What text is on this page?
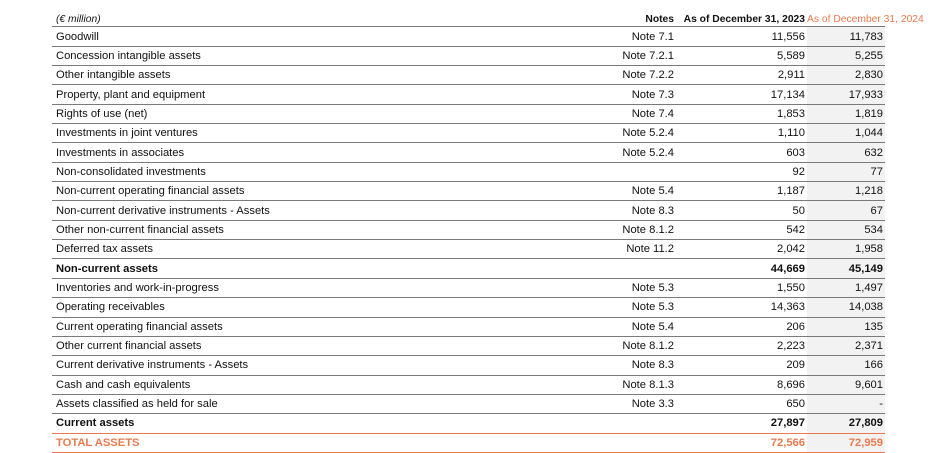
(€ million)	Notes	As of December 31, 2023	As of December 31, 2024
Goodwill	Note 7.1	11,556	11,783
Concession intangible assets	Note 7.2.1	5,589	5,255
Other intangible assets	Note 7.2.2	2,911	2,830
Property, plant and equipment	Note 7.3	17,134	17,933
Rights of use (net)	Note 7.4	1,853	1,819
Investments in joint ventures	Note 5.2.4	1,110	1,044
Investments in associates	Note 5.2.4	603	632
Non-consolidated investments		92	77
Non-current operating financial assets	Note 5.4	1,187	1,218
Non-current derivative instruments - Assets	Note 8.3	50	67
Other non-current financial assets	Note 8.1.2	542	534
Deferred tax assets	Note 11.2	2,042	1,958
Non-current assets		44,669	45,149
Inventories and work-in-progress	Note 5.3	1,550	1,497
Operating receivables	Note 5.3	14,363	14,038
Current operating financial assets	Note 5.4	206	135
Other current financial assets	Note 8.1.2	2,223	2,371
Current derivative instruments - Assets	Note 8.3	209	166
Cash and cash equivalents	Note 8.1.3	8,696	9,601
Assets classified as held for sale	Note 3.3	650	-
Current assets		27,897	27,809
TOTAL ASSETS		72,566	72,959
